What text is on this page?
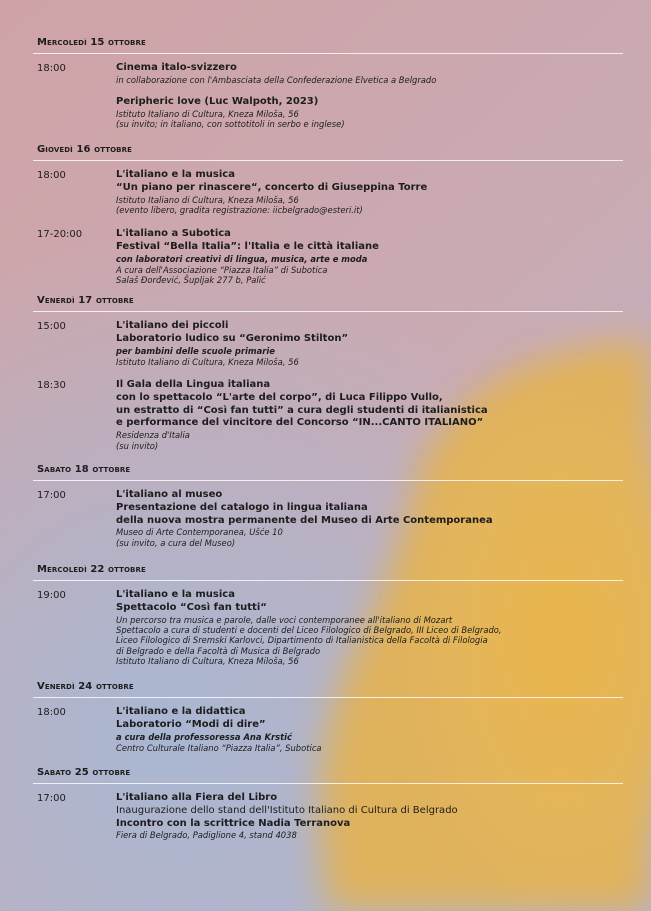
Mercoledì 15 ottobre
18:00	Cinema italo-svizzero
in collaborazione con l'Ambasciata della Confederazione Elvetica a Belgrado
Peripheric love (Luc Walpoth, 2023)
Istituto Italiano di Cultura, Kneza Miloša, 56
(su invito; in italiano, con sottotitoli in serbo e inglese)
Giovedì 16 ottobre
18:00	L'italiano e la musica
“Un piano per rinascere“, concerto di Giuseppina Torre
Istituto Italiano di Cultura, Kneza Miloša, 56
(evento libero, gradita registrazione: iicbelgrado@esteri.it)
17-20:00	L'italiano a Subotica
Festival “Bella Italia”: l'Italia e le città italiane
con laboratori creativi di lingua, musica, arte e moda
A cura dell'Associazione “Piazza Italia” di Subotica
Salaš Đorđević, Šupljak 277 b, Palić
Venerdì 17 ottobre
15:00	L'italiano dei piccoli
Laboratorio ludico su “Geronimo Stilton”
per bambini delle scuole primarie
Istituto Italiano di Cultura, Kneza Miloša, 56
18:30	Il Gala della Lingua italiana
con lo spettacolo “L'arte del corpo”, di Luca Filippo Vullo,
un estratto di “Così fan tutti” a cura degli studenti di italianistica
e performance del vincitore del Concorso “IN...CANTO ITALIANO”
Residenza d'Italia
(su invito)
Sabato 18 ottobre
17:00	L'italiano al museo
Presentazione del catalogo in lingua italiana
della nuova mostra permanente del Museo di Arte Contemporanea
Museo di Arte Contemporanea, Ušće 10
(su invito, a cura del Museo)
Mercoledì 22 ottobre
19:00	L'italiano e la musica
Spettacolo “Così fan tutti“
Un percorso tra musica e parole, dalle voci contemporanee all'italiano di Mozart
Spettacolo a cura di studenti e docenti del Liceo Filologico di Belgrado, III Liceo di Belgrado,
Liceo Filologico di Sremski Karlovci, Dipartimento di Italianistica della Facoltà di Filologia
di Belgrado e della Facoltà di Musica di Belgrado
Istituto Italiano di Cultura, Kneza Miloša, 56
Venerdì 24 ottobre
18:00	L'italiano e la didattica
Laboratorio “Modi di dire”
a cura della professoressa Ana Krstić
Centro Culturale Italiano “Piazza Italia”, Subotica
Sabato 25 ottobre
17:00	L'italiano alla Fiera del Libro
Inaugurazione dello stand dell'Istituto Italiano di Cultura di Belgrado
Incontro con la scrittrice Nadia Terranova
Fiera di Belgrado, Padiglione 4, stand 4038
